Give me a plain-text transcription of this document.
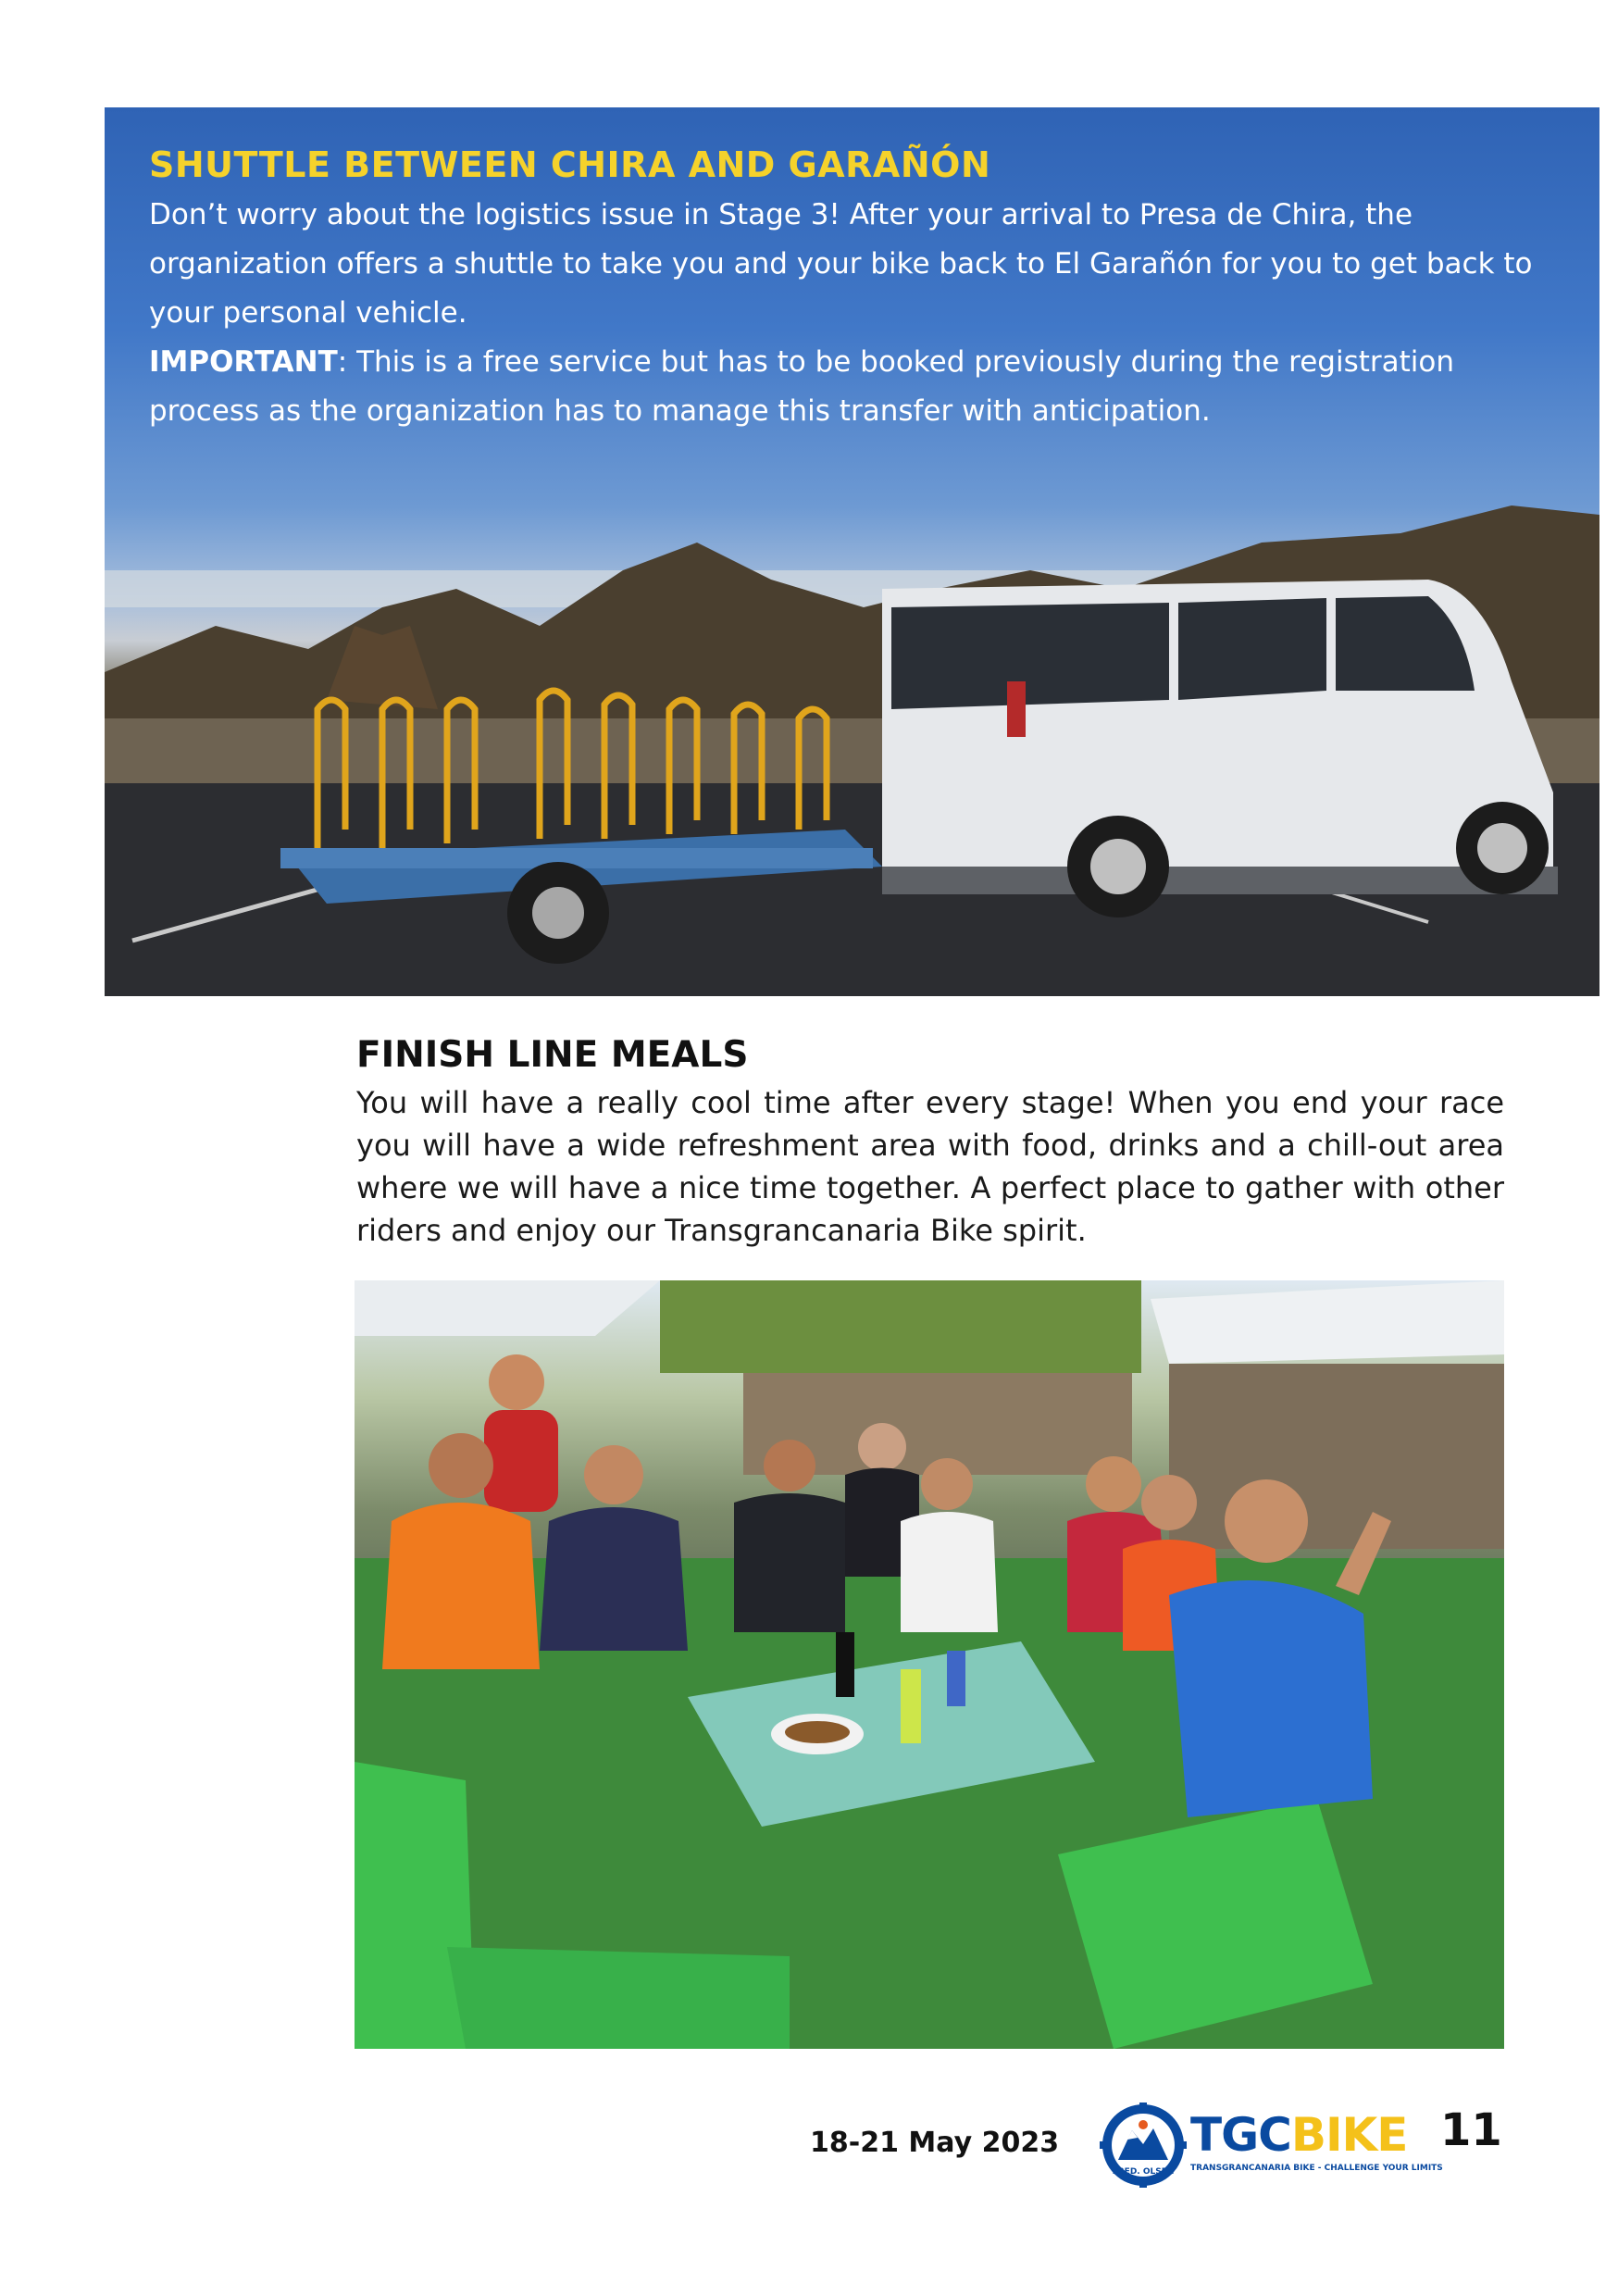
SHUTTLE BETWEEN CHIRA AND GARAÑÓN

Don’t worry about the logistics issue in Stage 3! After your arrival to Presa de Chira, the organization offers a shuttle to take you and your bike back to El Garañón for you to get back to your personal vehicle.
IMPORTANT: This is a free service but has to be booked previously during the registration process as the organization has to manage this transfer with anticipation.

FINISH LINE MEALS

You will have a really cool time after every stage! When you end your race you will have a wide refreshment area with food, drinks and a chill-out area where we will have a nice time together. A perfect place to gather with other riders and enjoy our Transgrancanaria Bike spirit.

18-21 May 2023
FRED. OLSEN
TGCBIKE
TRANSGRANCANARIA BIKE - CHALLENGE YOUR LIMITS
11
